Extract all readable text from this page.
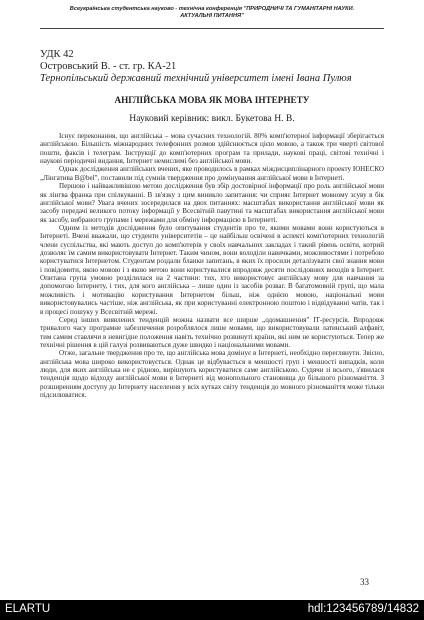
Всеукраїнська студентська науково - технічна конференція "ПРИРОДНИЧІ ТА ГУМАНІТАРНІ НАУКИ.
АКТУАЛЬНІ ПИТАННЯ"
УДК 42
Островський В. - ст. гр. КА-21
Тернопільський державний технічний університет імені Івана Пулюя
АНГЛІЙСЬКА МОВА ЯК МОВА ІНТЕРНЕТУ
Науковий керівник: викл. Букетова Н. В.

Існує переконання, що англійська – мова сучасних технологій. 80% комп'ютерної інформації зберігається англійською. Більшість міжнародних телефонних розмов здійснюється цією мовою, а також три чверті світової пошти, факсів і телеграм. Інструкції до комп'ютерних програм та прилади, наукові праці, світові технічні і наукові періодичні видання, Інтернет немислимі без англійської мови.

Однак дослідження англійських вчених, яке проводилось в рамках міждисциплінарного проекту ЮНЕСКО „Лінгатива В@bel", поставили під сумнів твердження про домінування англійської мови в Інтернеті.

Першою і найважливішою метою дослідження був збір достовірної інформації про роль англійської мови як лінгва франка при спілкуванні. В зв'язку з цим виникло запитання: чи сприяє Інтернет мовному зсуву в бік англійської мови? Увага вчених зосередилася на двох питаннях: масштабах використання англійської мови як засобу передачі великого потоку інформації у Всесвітній павутині та масштабах використання англійської мови як засобу, вибраного групами і мережами для обміну інформацією в Інтернеті.

Одним із методів дослідження було опитування студентів про те, якими мовами вони користуються в Інтернеті. Вчені вважали, що студенти університетів – це найбільш освічені в аспекті комп'ютерних технологій члени суспільства, які мають доступ до комп'ютерів у своїх навчальних закладах і такий рівень освіти, котрий дозволяє їм самим використовувати Інтернет. Таким чином, вони володіли навичками, можливостями і потребою користуватися Інтернетом. Студентам роздали бланки запитань, в яких їх просили деталізувати свої знання мови і повідомити, якою мовою і з якою метою вони користувалися впродовж десяти послідовних виходів в Інтернет. Опитана група умовно розділилася на 2 частини: тих, хто використовує англійську мову для навчання за допомогою Інтернету, і тих, для кого англійська – лише один із засобів розваг. В багатомовній групі, що мала можливість і мотивацію користування Інтернетом більш, ніж однією мовою, національні мови використовувались частіше, ніж англійська, як при користуванні електронною поштою і відвідуванні чатів, так і в процесі пошуку у Всесвітній мережі.

Серед інших виявлених тенденцій можна назвати все ширше „одомашнення" ІТ-ресурсів. Впродовж тривалого часу програмне забезпечення розроблялося лише мовами, що використовували латинський алфавіт, тим самим ставлячи в невигідне положення навіть технічно розвинуті країни, які ним не користуються. Тепер же технічні рішення в цій галузі розвиваються дуже швидко і національними мовами.

Отже, загальне твердження про те, що англійська мова домінує в Інтернеті, необхідно переглянути. Звісно, англійська мова широко використовується. Однак це відбувається в меншості груп і меншості випадків, коли люди, для яких англійська не є рідною, вирішують користуватися саме англійською. Судячи зі всього, з'явилася тенденція щодо відходу англійської мови в Інтернеті від монопольного становища до більшого різноманіття. З розширенням доступу до Інтернету населення у всіх кутках світу тенденція до мовного різноманіття може тільки підсилюватися.

33
ELARTU	hdl:123456789/14832
